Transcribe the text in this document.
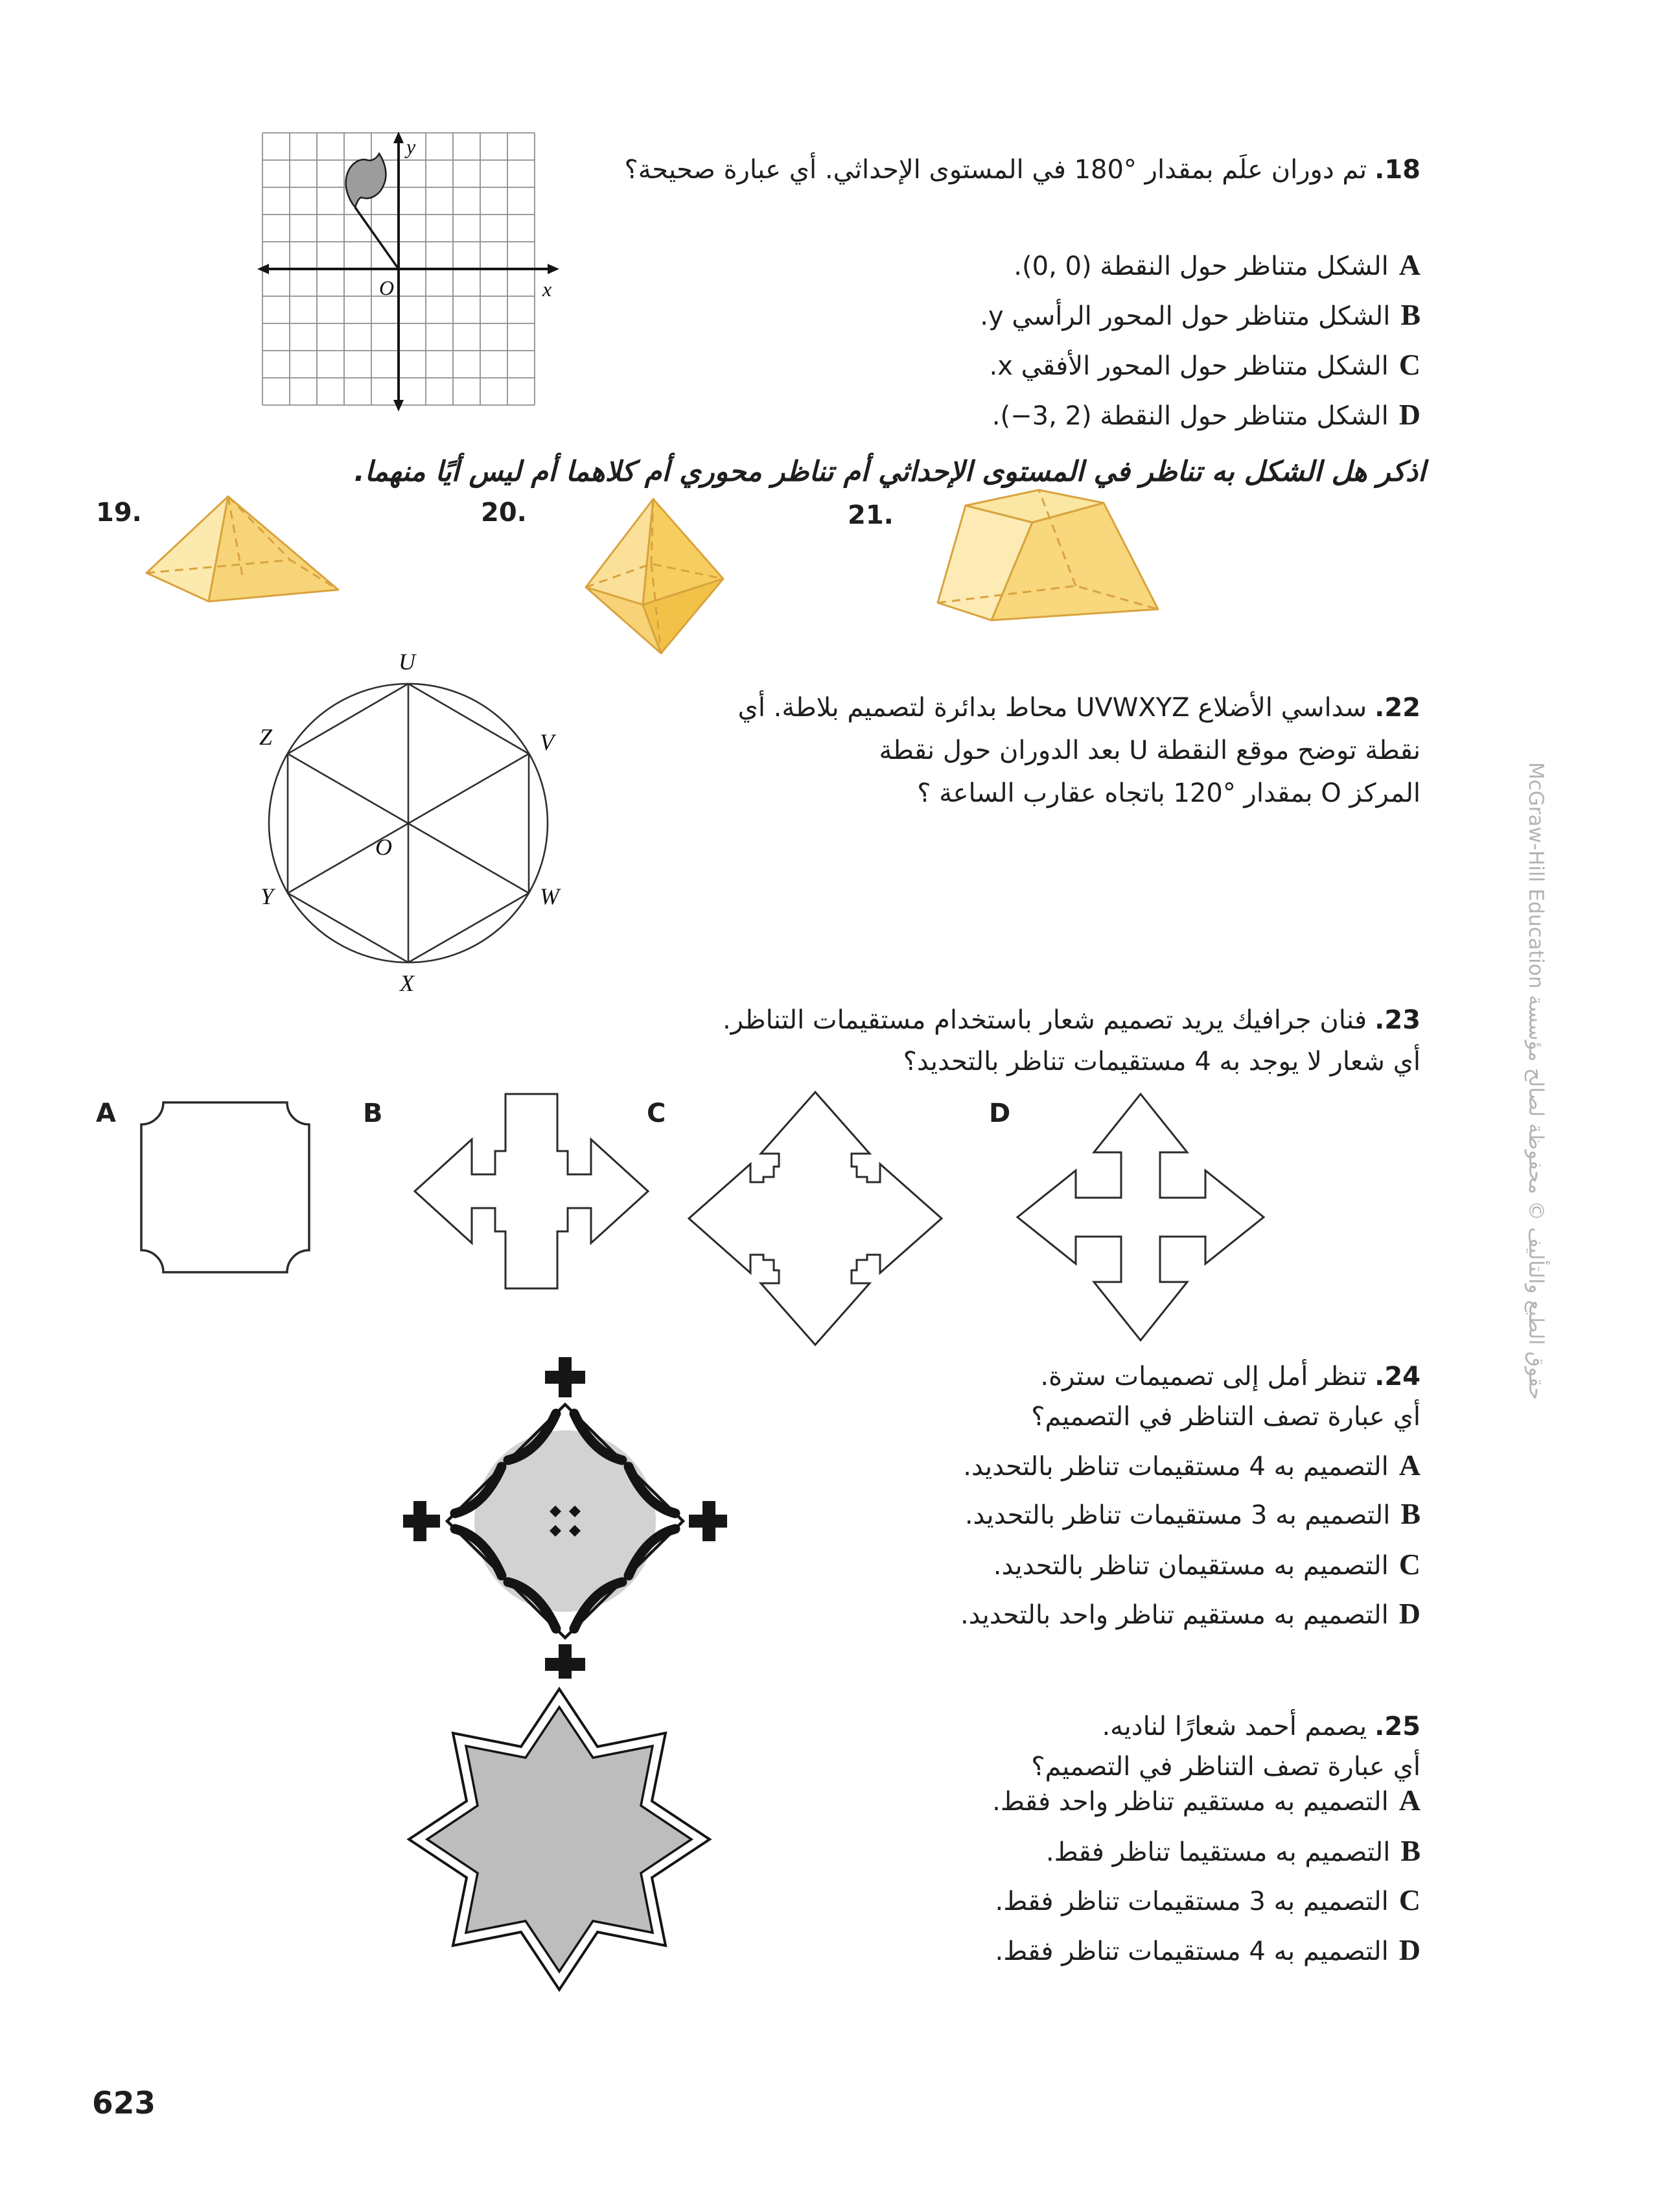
y
x
O
18.تم دوران علَم بمقدار °180 في المستوى الإحداثي. أي عبارة صحيحة؟
Aالشكل متناظر حول النقطة ‎(0, 0)‎.
Bالشكل متناظر حول المحور الرأسي y.
Cالشكل متناظر حول المحور الأفقي x.
Dالشكل متناظر حول النقطة ‎(−3, 2)‎.
اذكر هل الشكل به تناظر في المستوى الإحداثي أم تناظر محوري أم كلاهما أم ليس أيًا منهما.
19.	20.	21.
U
V
W
X
Y
Z
O
22.سداسي الأضلاع UVWXYZ محاط بدائرة لتصميم بلاطة. أي
نقطة توضح موقع النقطة U بعد الدوران حول نقطة
المركز O بمقدار °120 باتجاه عقارب الساعة ؟
23.فنان جرافيك يريد تصميم شعار باستخدام مستقيمات التناظر.
أي شعار لا يوجد به 4 مستقيمات تناظر بالتحديد؟
A	B	C	D
24.تنظر أمل إلى تصميمات سترة.
أي عبارة تصف التناظر في التصميم؟
Aالتصميم به 4 مستقيمات تناظر بالتحديد.
Bالتصميم به 3 مستقيمات تناظر بالتحديد.
Cالتصميم به مستقيمان تناظر بالتحديد.
Dالتصميم به مستقيم تناظر واحد بالتحديد.
25.يصمم أحمد شعارًا لناديه.
أي عبارة تصف التناظر في التصميم؟
Aالتصميم به مستقيم تناظر واحد فقط.
Bالتصميم به مستقيما تناظر فقط.
Cالتصميم به 3 مستقيمات تناظر فقط.
Dالتصميم به 4 مستقيمات تناظر فقط.
حقوق الطبع والتأليف © محفوظة لصالح مؤسسة McGraw-Hill Education
623
